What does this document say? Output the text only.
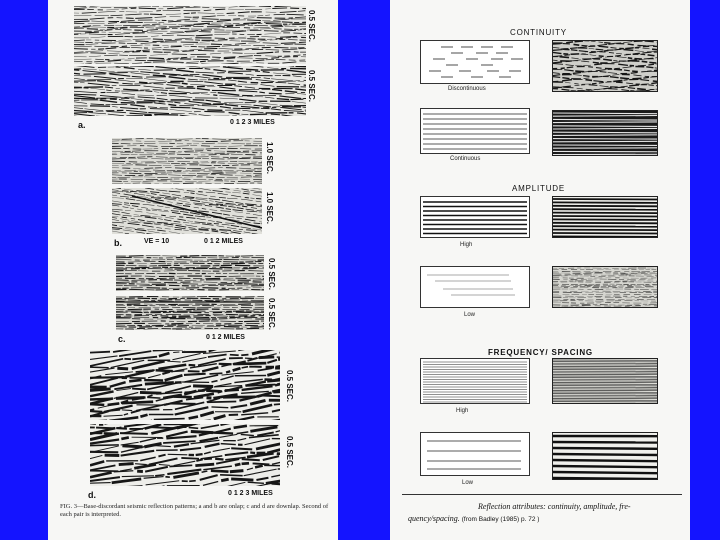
0.5 SEC.
0.5 SEC.
a.	0 1 2 3 MILES
1.0 SEC.
1.0 SEC.
b.	VE = 10	0 1 2 MILES
0.5 SEC.
0.5 SEC.
c.	0 1 2 MILES
0.5 SEC.
0.5 SEC.
d.	0 1 2 3 MILES
FIG. 3—Base-discordant seismic reflection patterns; a and b are onlap; c and d are downlap. Second of each pair is interpreted.
CONTINUITY
Discontinuous
Continuous
AMPLITUDE
High
Low
FREQUENCY/ SPACING
High
Low
Reflection attributes: continuity, amplitude, fre-
quency/spacing. (from Badley (1985) p. 72 )
